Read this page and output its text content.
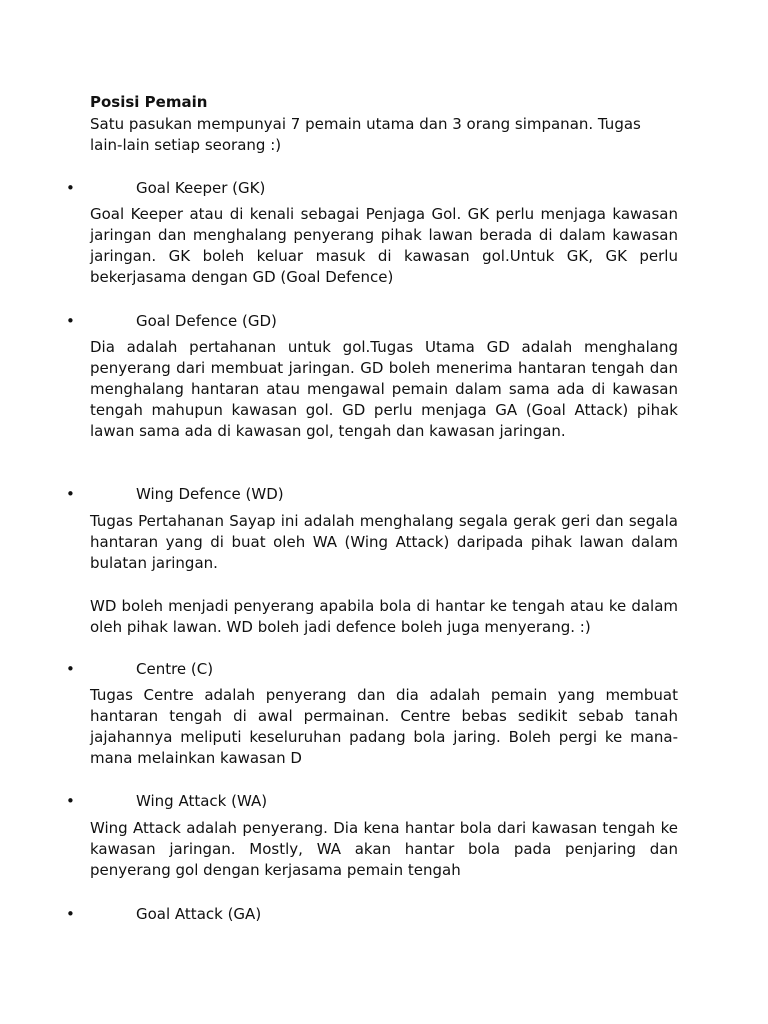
Posisi Pemain
Satu pasukan mempunyai 7 pemain utama dan 3 orang simpanan. Tugas lain-lain setiap seorang :)
•	Goal Keeper (GK)
Goal Keeper atau di kenali sebagai Penjaga Gol. GK perlu menjaga kawasan jaringan dan menghalang penyerang pihak lawan berada di dalam kawasan jaringan. GK boleh keluar masuk di kawasan gol.Untuk GK, GK perlu bekerjasama dengan GD (Goal Defence)
•	Goal Defence (GD)
Dia adalah pertahanan untuk gol.Tugas Utama GD adalah menghalang penyerang dari membuat jaringan. GD boleh menerima hantaran tengah dan menghalang hantaran atau mengawal pemain dalam sama ada di kawasan tengah mahupun kawasan gol. GD perlu menjaga GA (Goal Attack) pihak lawan sama ada di kawasan gol, tengah dan kawasan jaringan.
•	Wing Defence (WD)
Tugas Pertahanan Sayap ini adalah menghalang segala gerak geri dan segala hantaran yang di buat oleh WA (Wing Attack) daripada pihak lawan dalam bulatan jaringan.
WD boleh menjadi penyerang apabila bola di hantar ke tengah atau ke dalam oleh pihak lawan. WD boleh jadi defence boleh juga menyerang. :)
•	Centre (C)
Tugas Centre adalah penyerang dan dia adalah pemain yang membuat hantaran tengah di awal permainan. Centre bebas sedikit sebab tanah jajahannya meliputi keseluruhan padang bola jaring. Boleh pergi ke mana-mana melainkan kawasan D
•	Wing Attack (WA)
Wing Attack adalah penyerang. Dia kena hantar bola dari kawasan tengah ke kawasan jaringan. Mostly, WA akan hantar bola pada penjaring dan penyerang gol dengan kerjasama pemain tengah
•	Goal Attack (GA)
